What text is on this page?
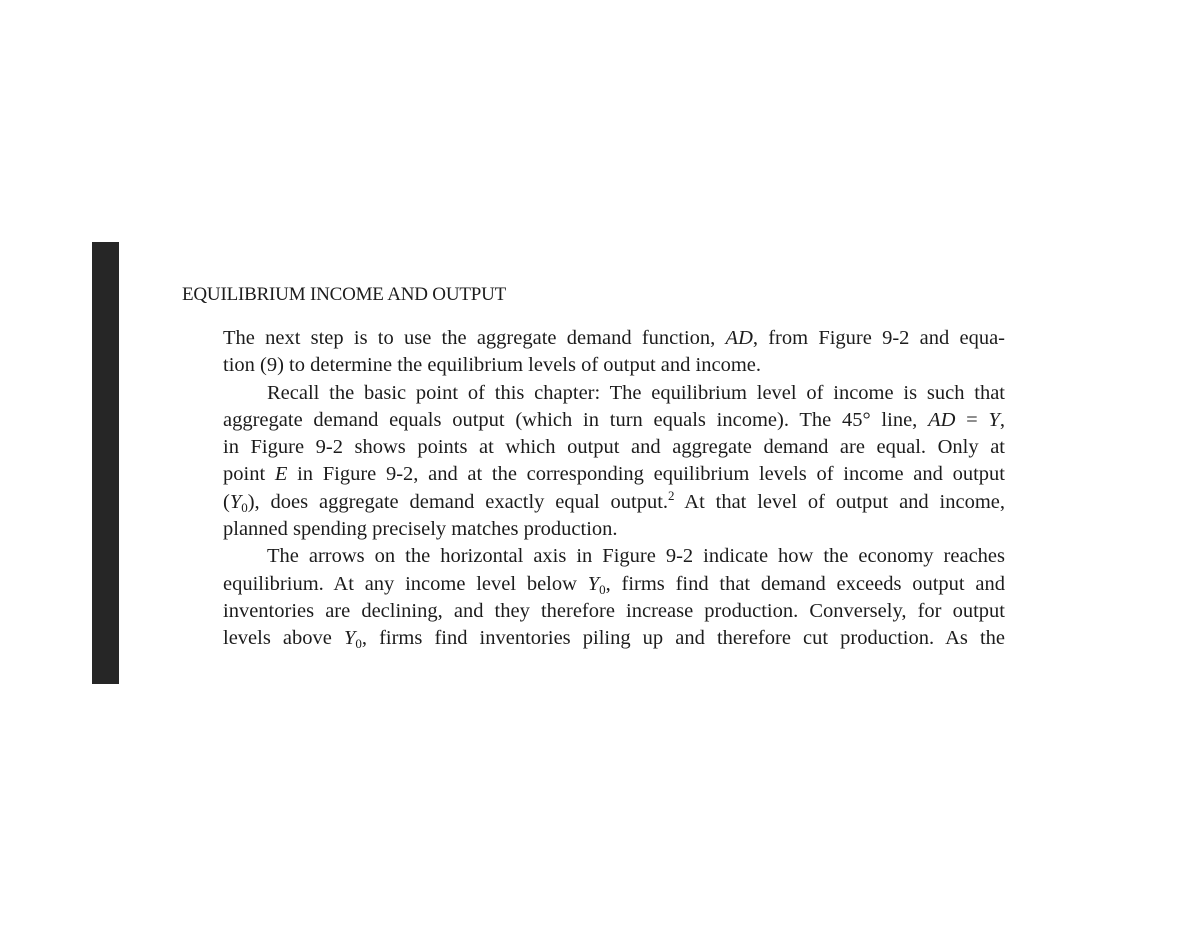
EQUILIBRIUM INCOME AND OUTPUT
The next step is to use the aggregate demand function, AD, from Figure 9-2 and equa-
tion (9) to determine the equilibrium levels of output and income.
Recall the basic point of this chapter: The equilibrium level of income is such that
aggregate demand equals output (which in turn equals income). The 45° line, AD = Y,
in Figure 9-2 shows points at which output and aggregate demand are equal. Only at
point E in Figure 9-2, and at the corresponding equilibrium levels of income and output
$(Y_0)$, does aggregate demand exactly equal output.$^2$ At that level of output and income,
planned spending precisely matches production.
The arrows on the horizontal axis in Figure 9-2 indicate how the economy reaches
equilibrium. At any income level below $Y_0$, firms find that demand exceeds output and
inventories are declining, and they therefore increase production. Conversely, for output
levels above $Y_0$, firms find inventories piling up and therefore cut production. As the
